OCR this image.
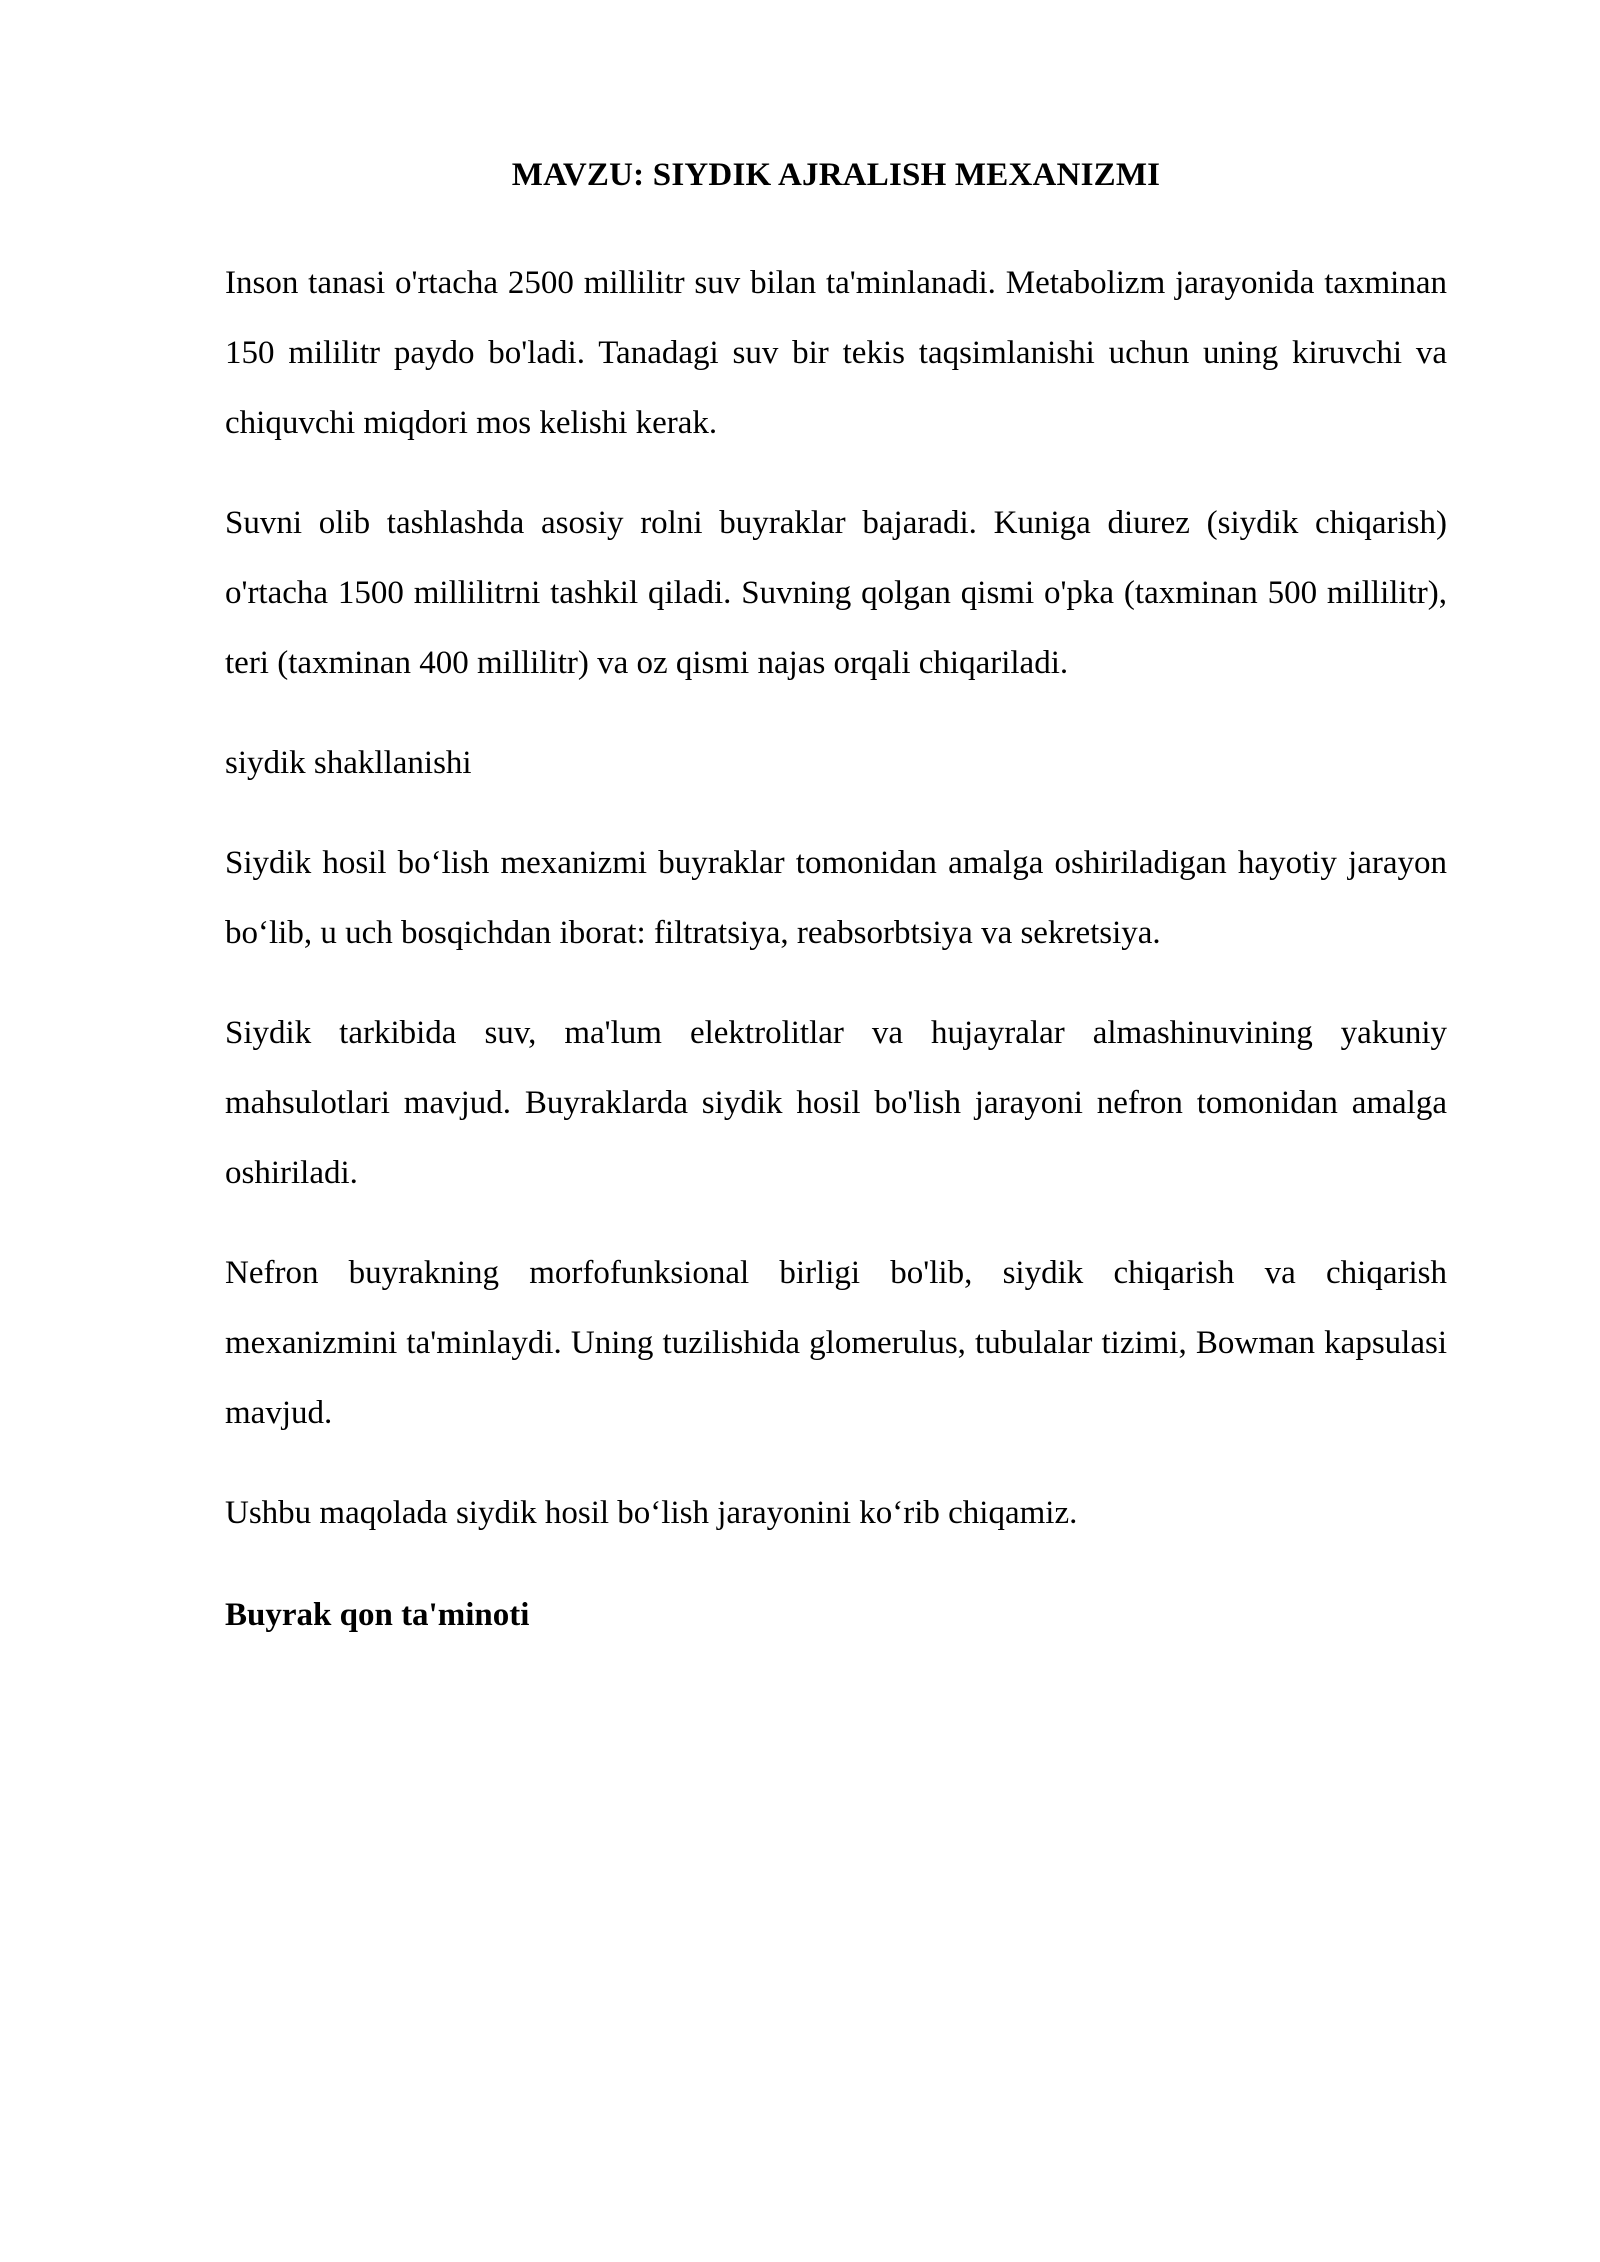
MAVZU: SIYDIK AJRALISH MEXANIZMI

Inson tanasi o'rtacha 2500 millilitr suv bilan ta'minlanadi. Metabolizm jarayonida taxminan 150 mililitr paydo bo'ladi. Tanadagi suv bir tekis taqsimlanishi uchun uning kiruvchi va chiquvchi miqdori mos kelishi kerak.

Suvni olib tashlashda asosiy rolni buyraklar bajaradi. Kuniga diurez (siydik chiqarish) o'rtacha 1500 millilitrni tashkil qiladi. Suvning qolgan qismi o'pka (taxminan 500 millilitr), teri (taxminan 400 millilitr) va oz qismi najas orqali chiqariladi.

siydik shakllanishi

Siydik hosil bo‘lish mexanizmi buyraklar tomonidan amalga oshiriladigan hayotiy jarayon bo‘lib, u uch bosqichdan iborat: filtratsiya, reabsorbtsiya va sekretsiya.

Siydik tarkibida suv, ma'lum elektrolitlar va hujayralar almashinuvining yakuniy mahsulotlari mavjud. Buyraklarda siydik hosil bo'lish jarayoni nefron tomonidan amalga oshiriladi.

Nefron buyrakning morfofunksional birligi bo'lib, siydik chiqarish va chiqarish mexanizmini ta'minlaydi. Uning tuzilishida glomerulus, tubulalar tizimi, Bowman kapsulasi mavjud.

Ushbu maqolada siydik hosil bo‘lish jarayonini ko‘rib chiqamiz.

Buyrak qon ta'minoti
